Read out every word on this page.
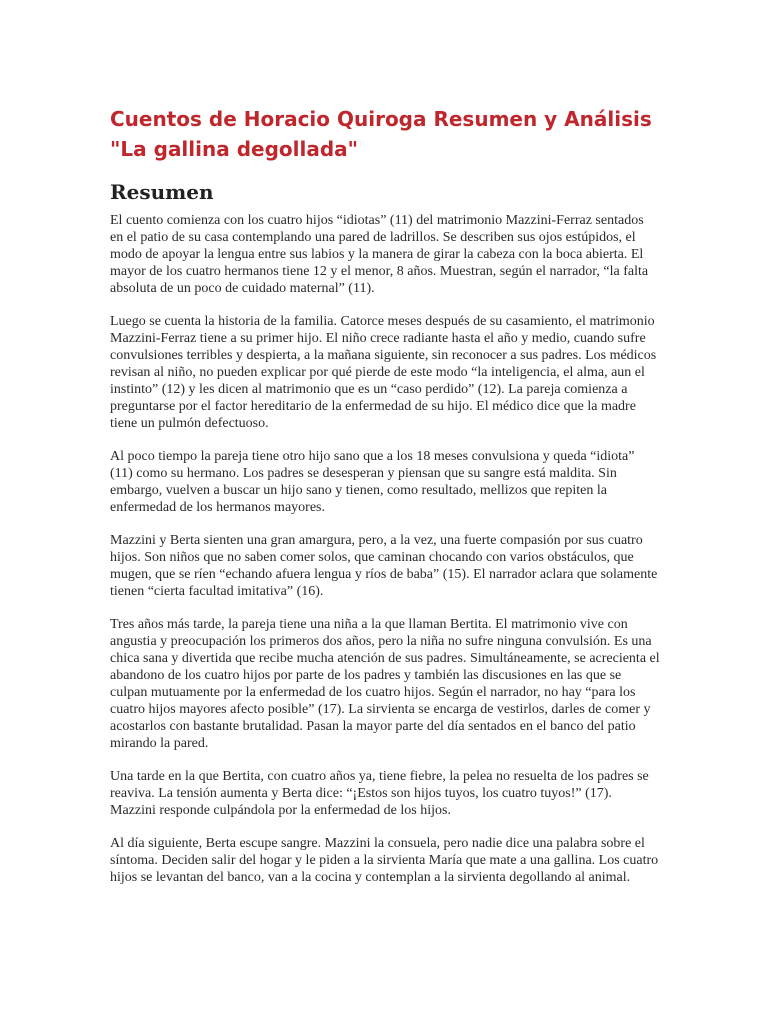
Cuentos de Horacio Quiroga Resumen y Análisis
"La gallina degollada"
Resumen

El cuento comienza con los cuatro hijos “idiotas” (11) del matrimonio Mazzini-Ferraz sentados en el patio de su casa contemplando una pared de ladrillos. Se describen sus ojos estúpidos, el modo de apoyar la lengua entre sus labios y la manera de girar la cabeza con la boca abierta. El mayor de los cuatro hermanos tiene 12 y el menor, 8 años. Muestran, según el narrador, “la falta absoluta de un poco de cuidado maternal” (11).

Luego se cuenta la historia de la familia. Catorce meses después de su casamiento, el matrimonio Mazzini-Ferraz tiene a su primer hijo. El niño crece radiante hasta el año y medio, cuando sufre convulsiones terribles y despierta, a la mañana siguiente, sin reconocer a sus padres. Los médicos revisan al niño, no pueden explicar por qué pierde de este modo “la inteligencia, el alma, aun el instinto” (12) y les dicen al matrimonio que es un “caso perdido” (12). La pareja comienza a preguntarse por el factor hereditario de la enfermedad de su hijo. El médico dice que la madre tiene un pulmón defectuoso.

Al poco tiempo la pareja tiene otro hijo sano que a los 18 meses convulsiona y queda “idiota” (11) como su hermano. Los padres se desesperan y piensan que su sangre está maldita. Sin embargo, vuelven a buscar un hijo sano y tienen, como resultado, mellizos que repiten la enfermedad de los hermanos mayores.

Mazzini y Berta sienten una gran amargura, pero, a la vez, una fuerte compasión por sus cuatro hijos. Son niños que no saben comer solos, que caminan chocando con varios obstáculos, que mugen, que se ríen “echando afuera lengua y ríos de baba” (15). El narrador aclara que solamente tienen “cierta facultad imitativa” (16).

Tres años más tarde, la pareja tiene una niña a la que llaman Bertita. El matrimonio vive con angustia y preocupación los primeros dos años, pero la niña no sufre ninguna convulsión. Es una chica sana y divertida que recibe mucha atención de sus padres. Simultáneamente, se acrecienta el abandono de los cuatro hijos por parte de los padres y también las discusiones en las que se culpan mutuamente por la enfermedad de los cuatro hijos. Según el narrador, no hay “para los cuatro hijos mayores afecto posible” (17). La sirvienta se encarga de vestirlos, darles de comer y acostarlos con bastante brutalidad. Pasan la mayor parte del día sentados en el banco del patio mirando la pared.

Una tarde en la que Bertita, con cuatro años ya, tiene fiebre, la pelea no resuelta de los padres se reaviva. La tensión aumenta y Berta dice: “¡Estos son hijos tuyos, los cuatro tuyos!” (17). Mazzini responde culpándola por la enfermedad de los hijos.

Al día siguiente, Berta escupe sangre. Mazzini la consuela, pero nadie dice una palabra sobre el síntoma. Deciden salir del hogar y le piden a la sirvienta María que mate a una gallina. Los cuatro hijos se levantan del banco, van a la cocina y contemplan a la sirvienta degollando al animal.
